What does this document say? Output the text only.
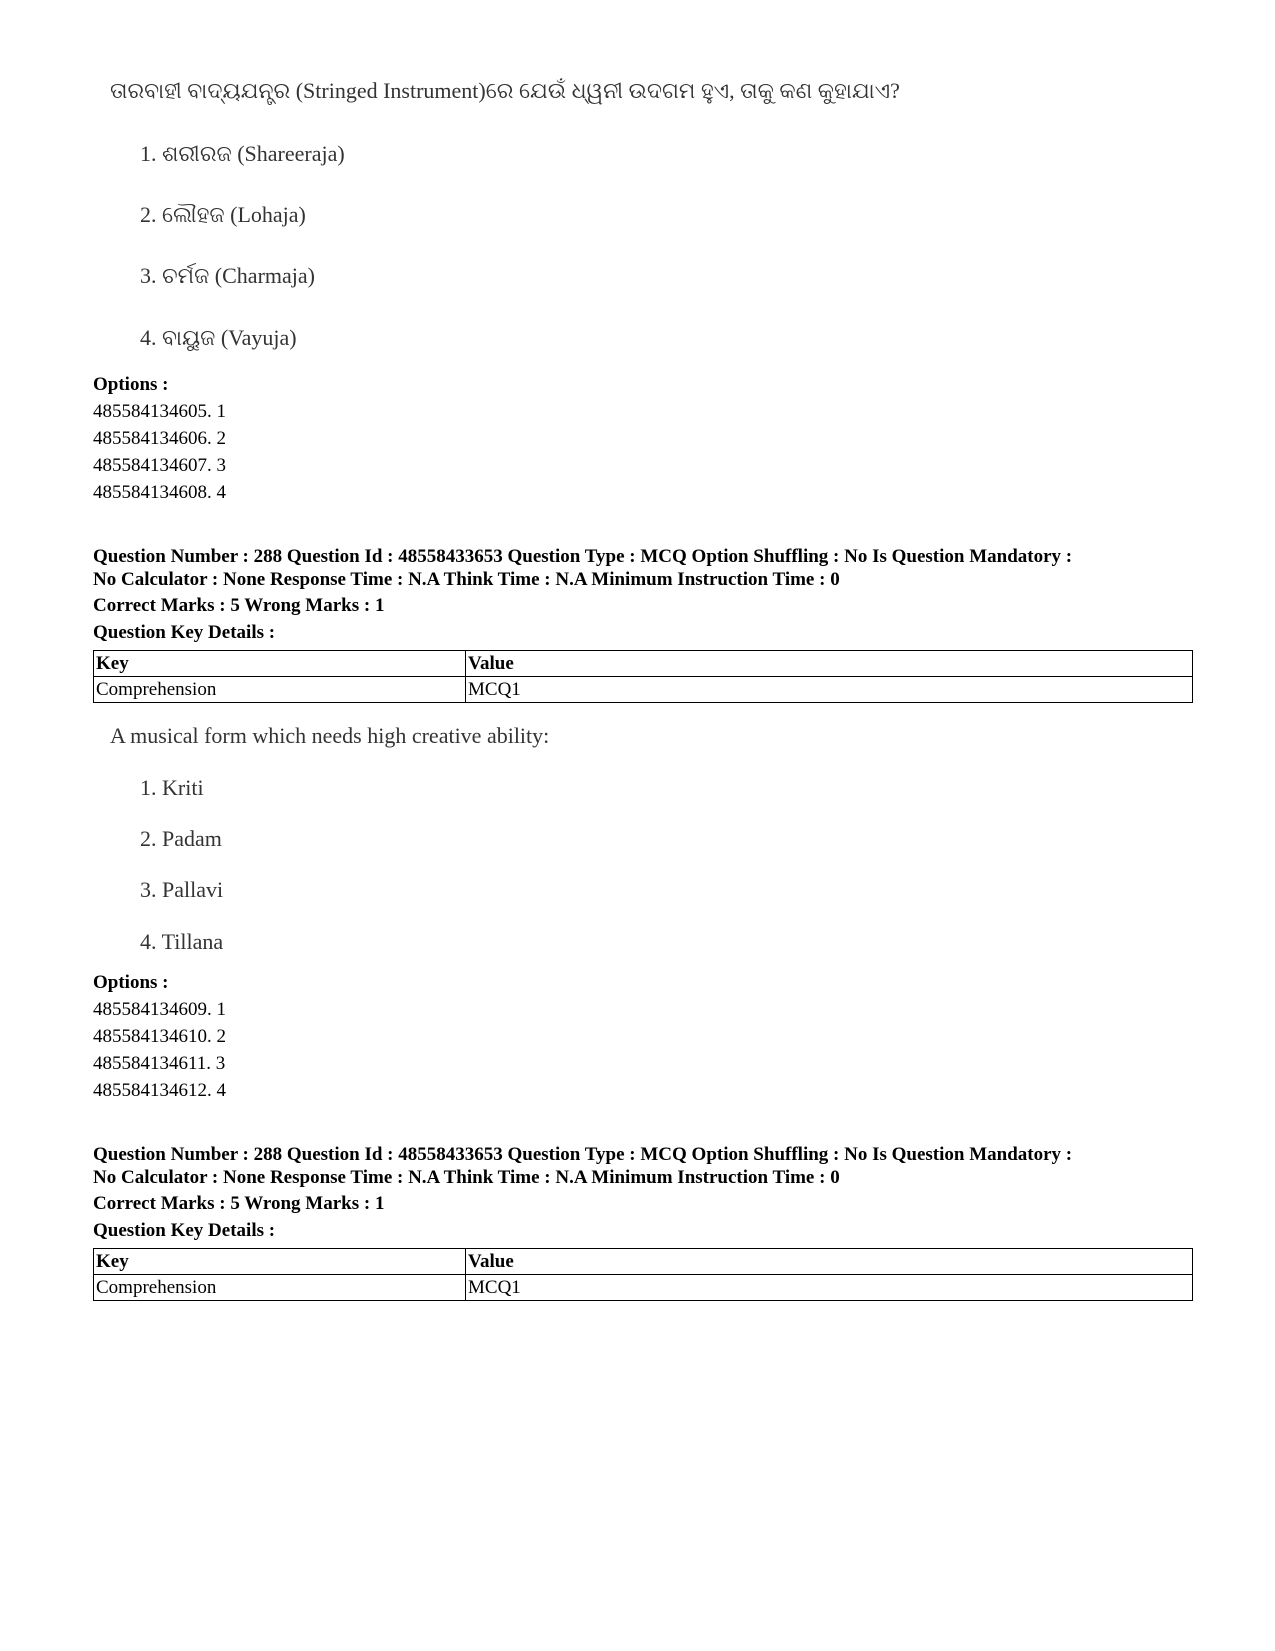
ତାରବାହୀ ବାଦ୍ୟଯନ୍ତ୍ର (Stringed Instrument)ରେ ଯେଉଁ ଧ୍ୱନୀ ଉଦଗମ ହୁଏ, ତାକୁ କଣ କୁହାଯାଏ?
1. ଶରୀରଜ (Shareeraja)
2. ଲୌହଜ (Lohaja)
3. ଚର୍ମଜ (Charmaja)
4. ବାୟୁଜ (Vayuja)
Options :
485584134605. 1
485584134606. 2
485584134607. 3
485584134608. 4
Question Number : 288 Question Id : 48558433653 Question Type : MCQ Option Shuffling : No Is Question Mandatory :
No Calculator : None Response Time : N.A Think Time : N.A Minimum Instruction Time : 0
Correct Marks : 5 Wrong Marks : 1
Question Key Details :
Key	Value
Comprehension	MCQ1
A musical form which needs high creative ability:
1. Kriti
2. Padam
3. Pallavi
4. Tillana
Options :
485584134609. 1
485584134610. 2
485584134611. 3
485584134612. 4
Question Number : 288 Question Id : 48558433653 Question Type : MCQ Option Shuffling : No Is Question Mandatory :
No Calculator : None Response Time : N.A Think Time : N.A Minimum Instruction Time : 0
Correct Marks : 5 Wrong Marks : 1
Question Key Details :
Key	Value
Comprehension	MCQ1
